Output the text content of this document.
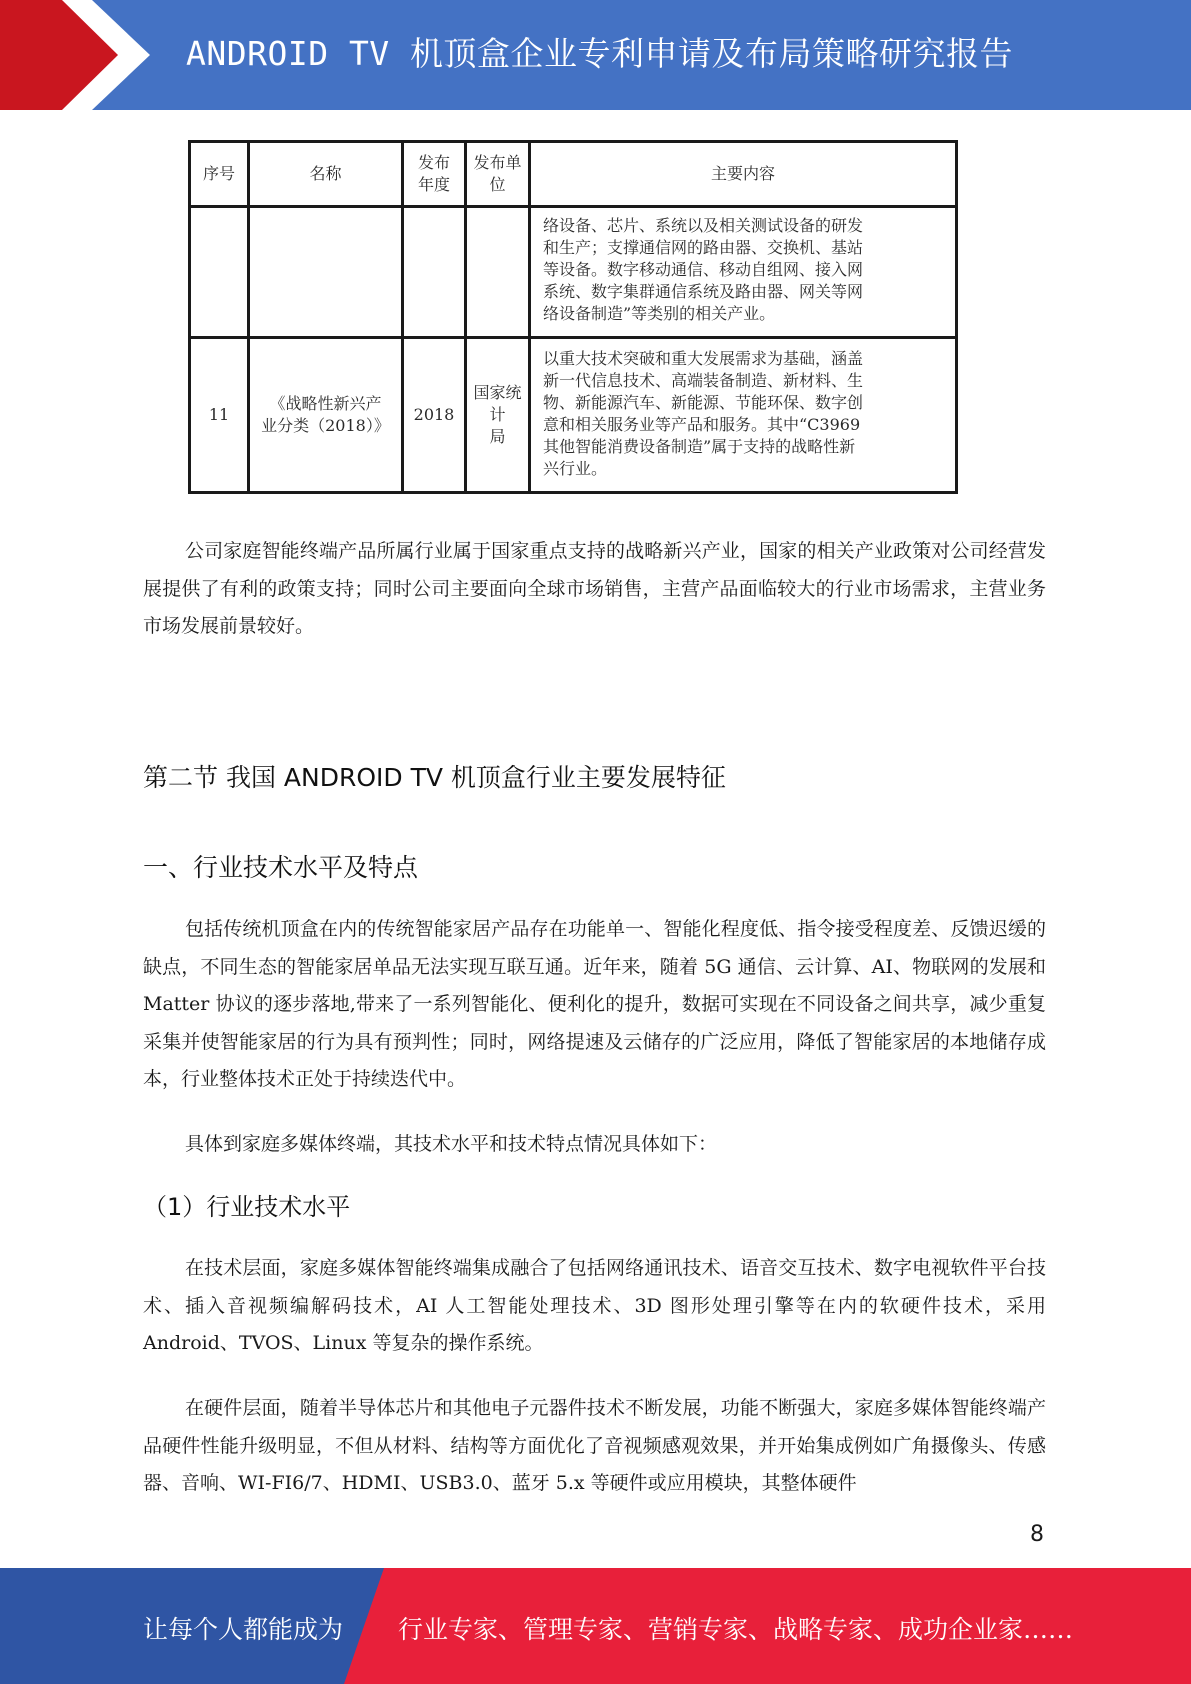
ANDROID TV 机顶盒企业专利申请及布局策略研究报告
序号	名称
发布
年度
发布单位
主要内容
络设备、芯片、系统以及相关测试设备的研发
和生产；支撑通信网的路由器、交换机、基站
等设备。数字移动通信、移动自组网、接入网
系统、数字集群通信系统及路由器、网关等网
络设备制造”等类别的相关产业。
11
《战略性新兴产
业分类（2018）》
2018
国家统计
局
以重大技术突破和重大发展需求为基础，涵盖
新一代信息技术、高端装备制造、新材料、生
物、新能源汽车、新能源、节能环保、数字创
意和相关服务业等产品和服务。其中“C3969
其他智能消费设备制造”属于支持的战略性新
兴行业。

公司家庭智能终端产品所属行业属于国家重点支持的战略新兴产业，国家的相关产业政策对公司经营发展提供了有利的政策支持；同时公司主要面向全球市场销售，主营产品面临较大的行业市场需求，主营业务市场发展前景较好。

第二节 我国 ANDROID TV 机顶盒行业主要发展特征
一、行业技术水平及特点

包括传统机顶盒在内的传统智能家居产品存在功能单一、智能化程度低、指令接受程度差、反馈迟缓的缺点，不同生态的智能家居单品无法实现互联互通。近年来，随着 5G 通信、云计算、AI、物联网的发展和 Matter 协议的逐步落地,带来了一系列智能化、便利化的提升，数据可实现在不同设备之间共享，减少重复采集并使智能家居的行为具有预判性；同时，网络提速及云储存的广泛应用，降低了智能家居的本地储存成本，行业整体技术正处于持续迭代中。

具体到家庭多媒体终端，其技术水平和技术特点情况具体如下：

（1）行业技术水平

在技术层面，家庭多媒体智能终端集成融合了包括网络通讯技术、语音交互技术、数字电视软件平台技术、插入音视频编解码技术，AI 人工智能处理技术、3D 图形处理引擎等在内的软硬件技术，采用 Android、TVOS、Linux 等复杂的操作系统。

在硬件层面，随着半导体芯片和其他电子元器件技术不断发展，功能不断强大，家庭多媒体智能终端产品硬件性能升级明显，不但从材料、结构等方面优化了音视频感观效果，并开始集成例如广角摄像头、传感器、音响、WI-FI6/7、HDMI、USB3.0、蓝牙 5.x 等硬件或应用模块，其整体硬件

8
让每个人都能成为 行业专家、管理专家、营销专家、战略专家、成功企业家……
